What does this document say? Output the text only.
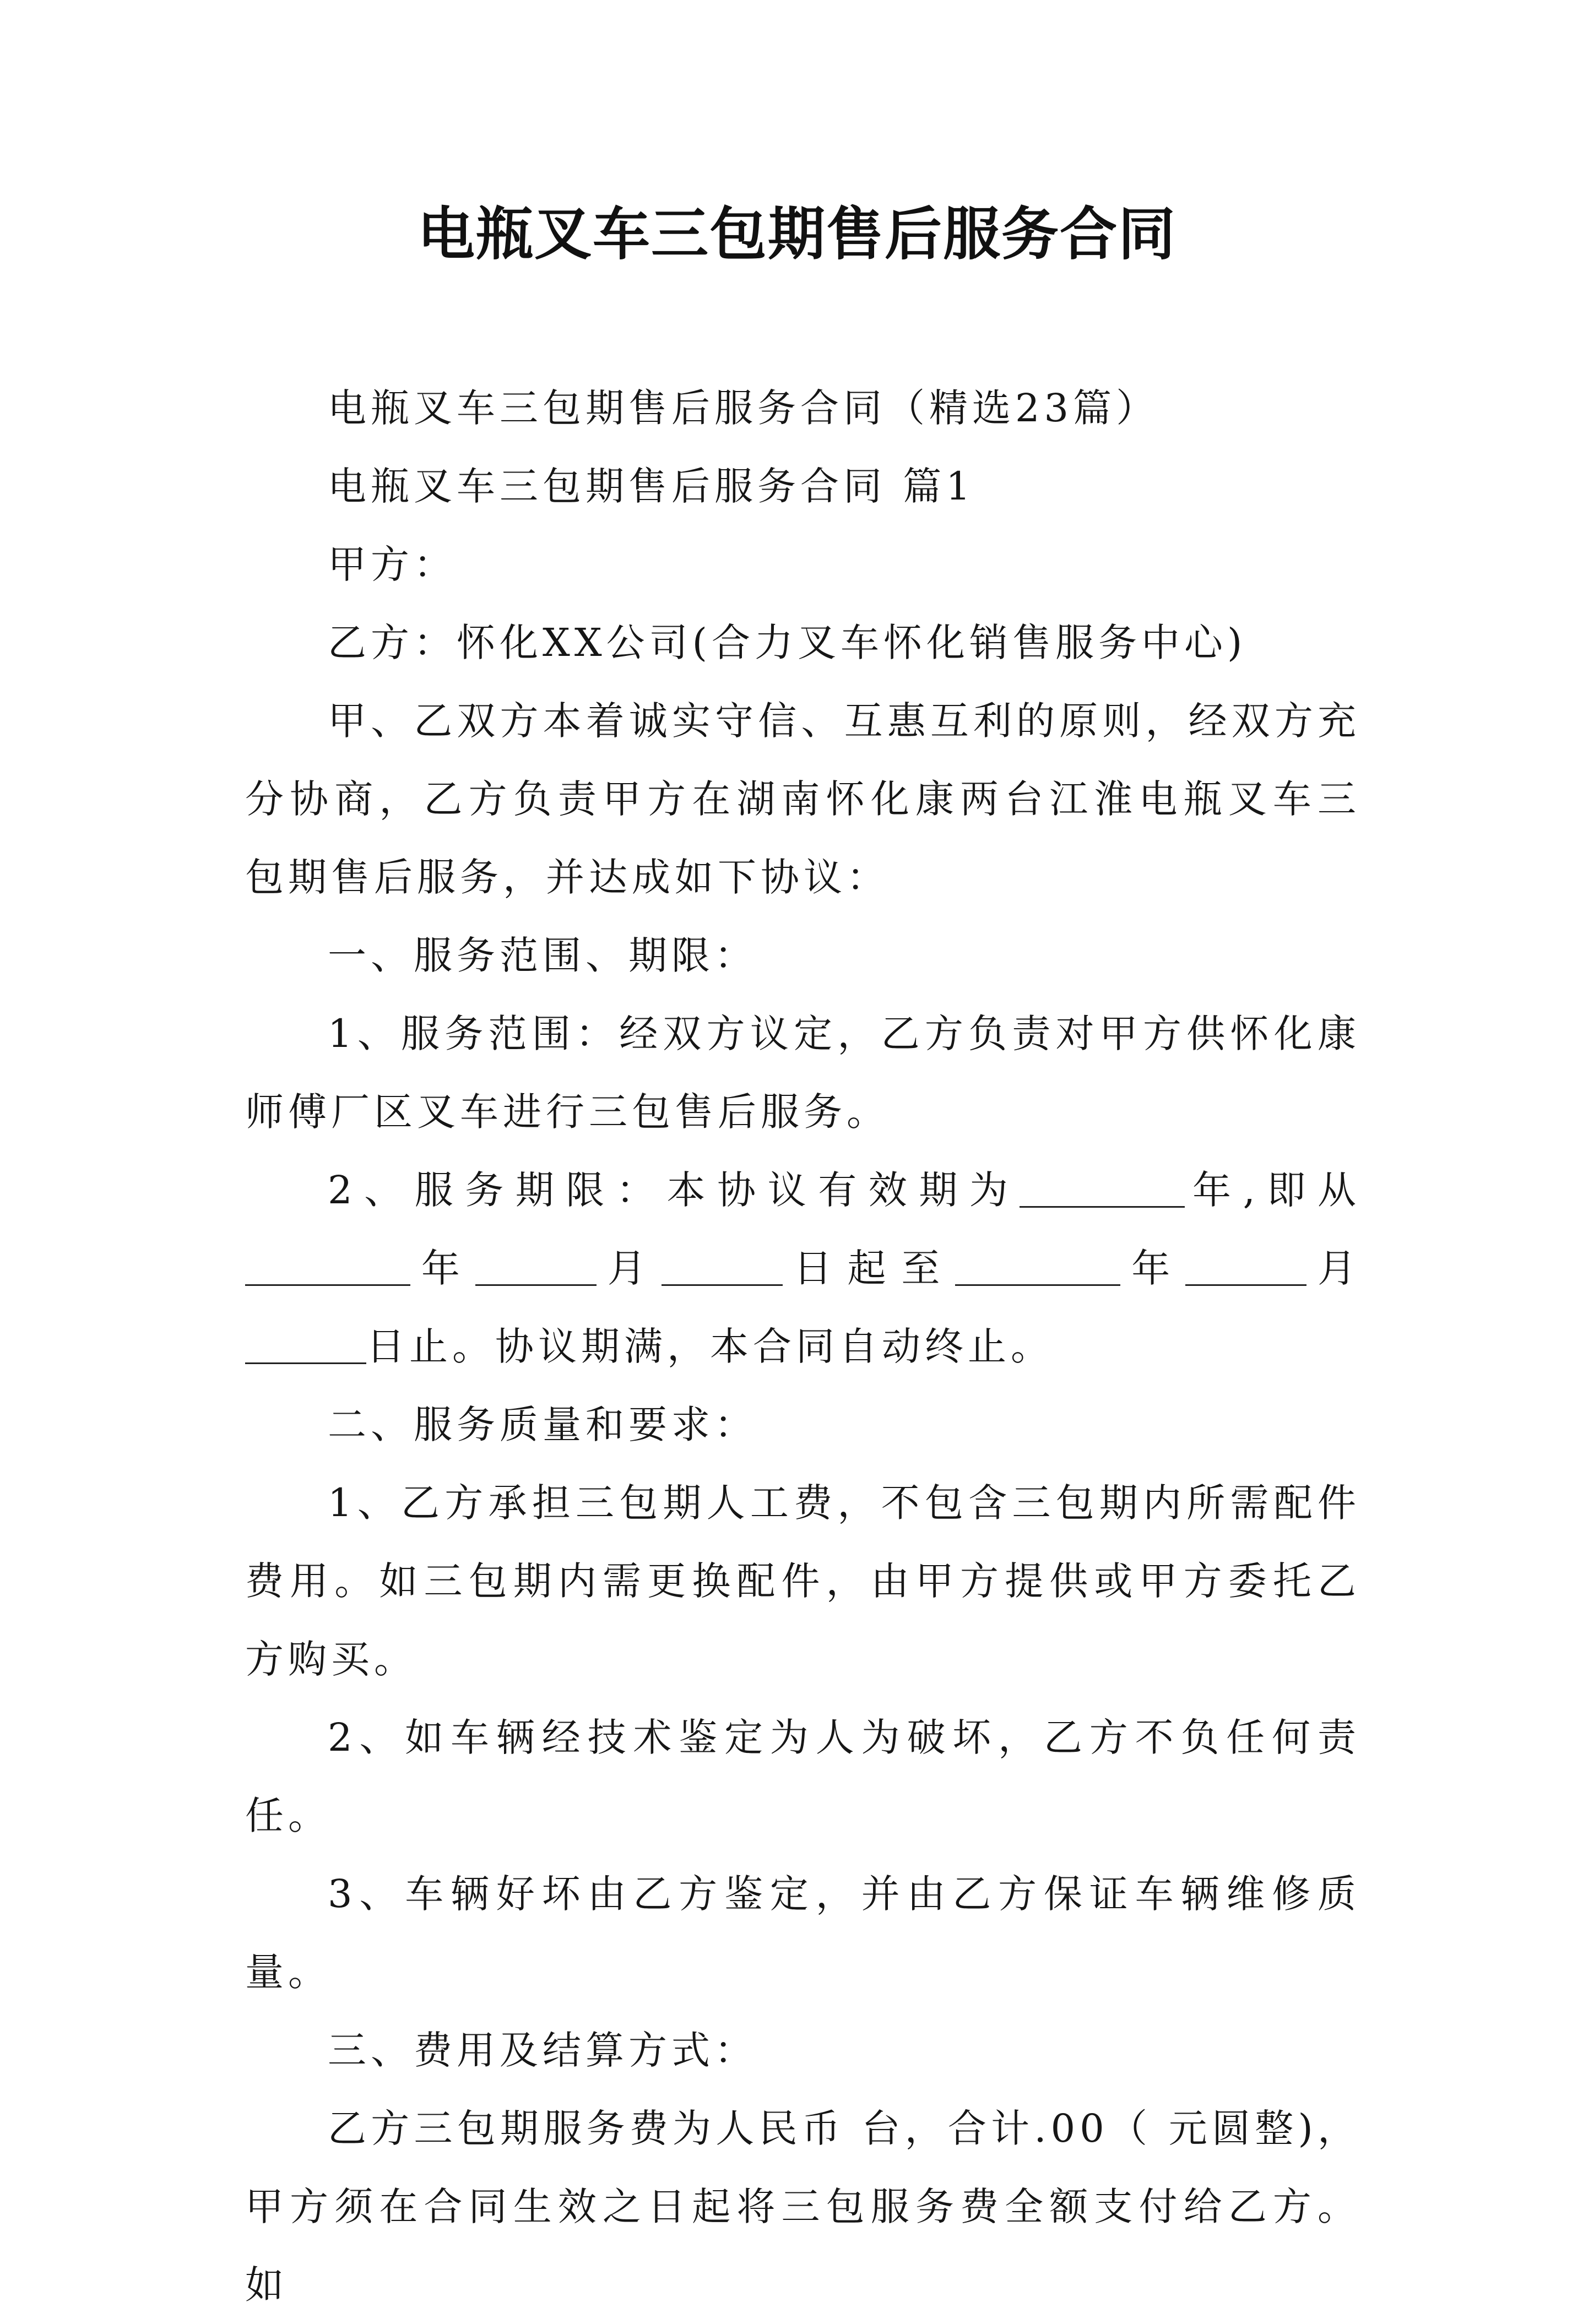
电瓶叉车三包期售后服务合同

电瓶叉车三包期售后服务合同（精选23篇）

电瓶叉车三包期售后服务合同 篇1

甲方：

乙方：怀化XX公司(合力叉车怀化销售服务中心)

甲、乙双方本着诚实守信、互惠互利的原则，经双方充分协商，乙方负责甲方在湖南怀化康两台江淮电瓶叉车三包期售后服务，并达成如下协议：

一、服务范围、期限：

1、服务范围：经双方议定，乙方负责对甲方供怀化康师傅厂区叉车进行三包售后服务。

2、服务期限：本协议有效期为	年,即从年	月	日起至	年	月日止。协议期满，本合同自动终止。

二、服务质量和要求：

1、乙方承担三包期人工费，不包含三包期内所需配件费用。如三包期内需更换配件，由甲方提供或甲方委托乙方购买。

2、如车辆经技术鉴定为人为破坏，乙方不负任何责任。

3、车辆好坏由乙方鉴定，并由乙方保证车辆维修质量。

三、费用及结算方式：

乙方三包期服务费为人民币 台，合计.00（ 元圆整)，甲方须在合同生效之日起将三包服务费全额支付给乙方。如
